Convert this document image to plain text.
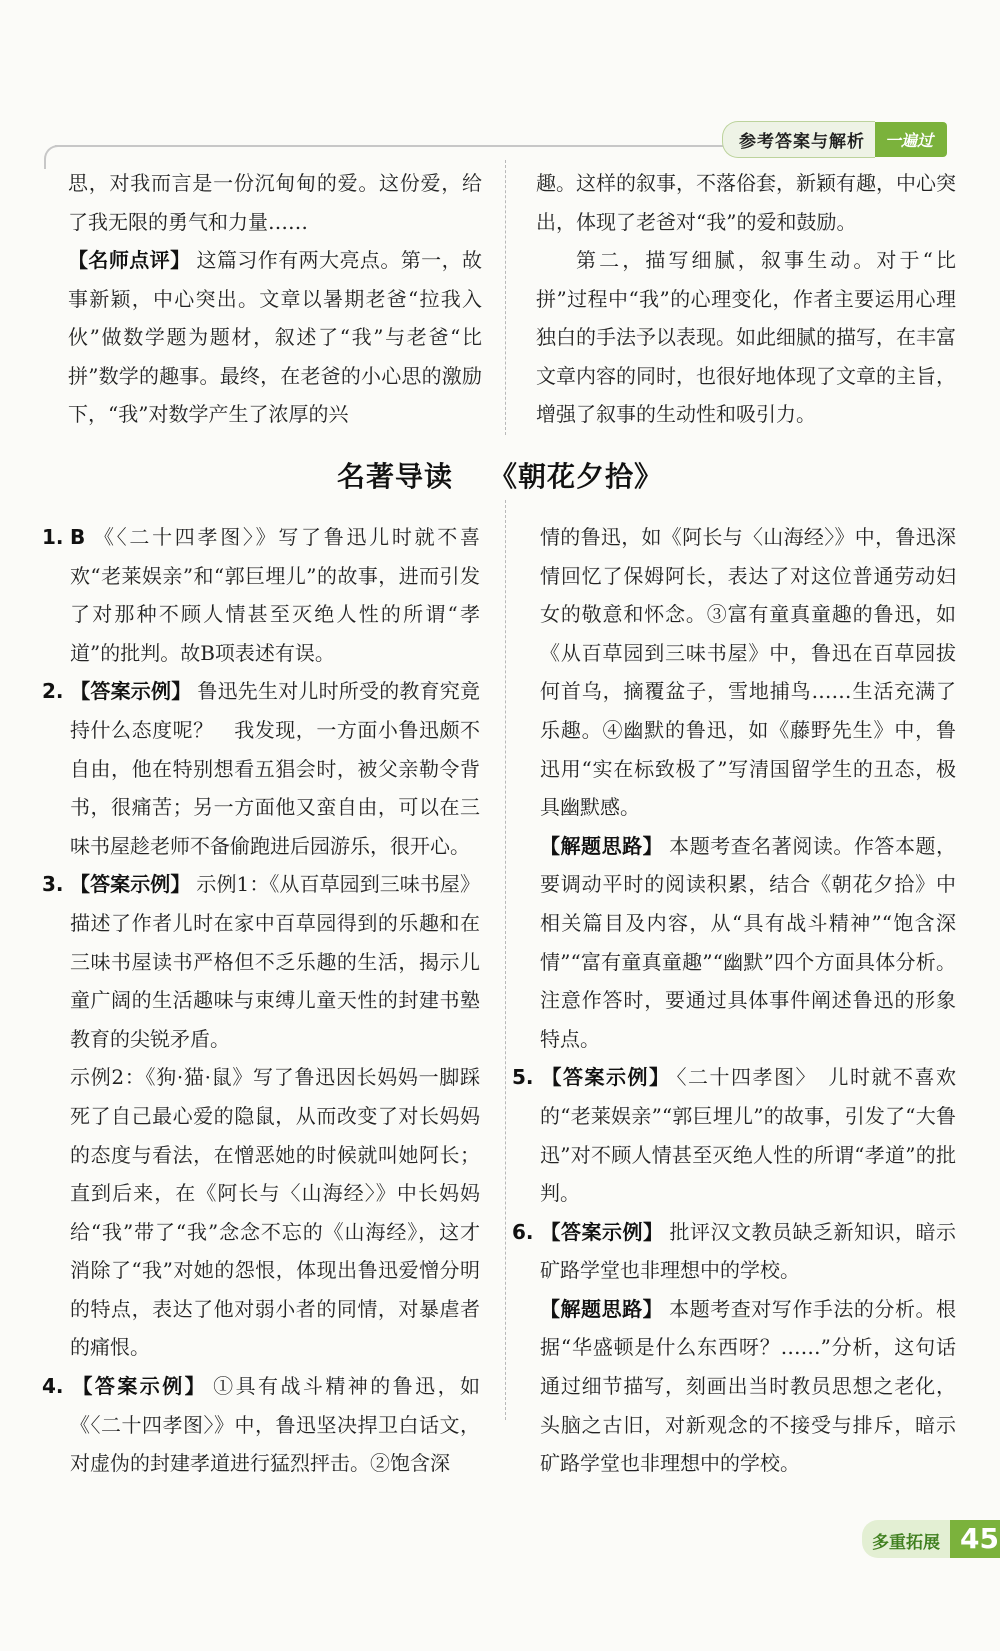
参考答案与解析	一遍过

思，对我而言是一份沉甸甸的爱。这份爱，给了我无限的勇气和力量……

【名师点评】 这篇习作有两大亮点。第一，故事新颖，中心突出。文章以暑期老爸“拉我入伙”做数学题为题材，叙述了“我”与老爸“比拼”数学的趣事。最终，在老爸的小心思的激励下，“我”对数学产生了浓厚的兴

趣。这样的叙事，不落俗套，新颖有趣，中心突出，体现了老爸对“我”的爱和鼓励。

第二，描写细腻，叙事生动。对于“比拼”过程中“我”的心理变化，作者主要运用心理独白的手法予以表现。如此细腻的描写，在丰富文章内容的同时，也很好地体现了文章的主旨，增强了叙事的生动性和吸引力。

名著导读 《朝花夕拾》

1. B 《〈二十四孝图〉》写了鲁迅儿时就不喜欢“老莱娱亲”和“郭巨埋儿”的故事，进而引发了对那种不顾人情甚至灭绝人性的所谓“孝道”的批判。故B项表述有误。

2. 【答案示例】 鲁迅先生对儿时所受的教育究竟持什么态度呢？　我发现，一方面小鲁迅颇不自由，他在特别想看五猖会时，被父亲勒令背书，很痛苦；另一方面他又蛮自由，可以在三味书屋趁老师不备偷跑进后园游乐，很开心。

3. 【答案示例】 示例1：《从百草园到三味书屋》描述了作者儿时在家中百草园得到的乐趣和在三味书屋读书严格但不乏乐趣的生活，揭示儿童广阔的生活趣味与束缚儿童天性的封建书塾教育的尖锐矛盾。

示例2：《狗·猫·鼠》写了鲁迅因长妈妈一脚踩死了自己最心爱的隐鼠，从而改变了对长妈妈的态度与看法，在憎恶她的时候就叫她阿长；直到后来，在《阿长与〈山海经〉》中长妈妈给“我”带了“我”念念不忘的《山海经》，这才消除了“我”对她的怨恨，体现出鲁迅爱憎分明的特点，表达了他对弱小者的同情，对暴虐者的痛恨。

4. 【答案示例】 ①具有战斗精神的鲁迅，如《〈二十四孝图〉》中，鲁迅坚决捍卫白话文，对虚伪的封建孝道进行猛烈抨击。②饱含深

情的鲁迅，如《阿长与〈山海经〉》中，鲁迅深情回忆了保姆阿长，表达了对这位普通劳动妇女的敬意和怀念。③富有童真童趣的鲁迅，如《从百草园到三味书屋》中，鲁迅在百草园拔何首乌，摘覆盆子，雪地捕鸟……生活充满了乐趣。④幽默的鲁迅，如《藤野先生》中，鲁迅用“实在标致极了”写清国留学生的丑态，极具幽默感。

【解题思路】 本题考查名著阅读。作答本题，要调动平时的阅读积累，结合《朝花夕拾》中相关篇目及内容，从“具有战斗精神”“饱含深情”“富有童真童趣”“幽默”四个方面具体分析。注意作答时，要通过具体事件阐述鲁迅的形象特点。

5. 【答案示例】 〈二十四孝图〉　儿时就不喜欢的“老莱娱亲”“郭巨埋儿”的故事，引发了“大鲁迅”对不顾人情甚至灭绝人性的所谓“孝道”的批判。

6. 【答案示例】 批评汉文教员缺乏新知识，暗示矿路学堂也非理想中的学校。

【解题思路】 本题考查对写作手法的分析。根据“华盛顿是什么东西呀？……”分析，这句话通过细节描写，刻画出当时教员思想之老化，头脑之古旧，对新观念的不接受与排斥，暗示矿路学堂也非理想中的学校。

多重拓展 45
